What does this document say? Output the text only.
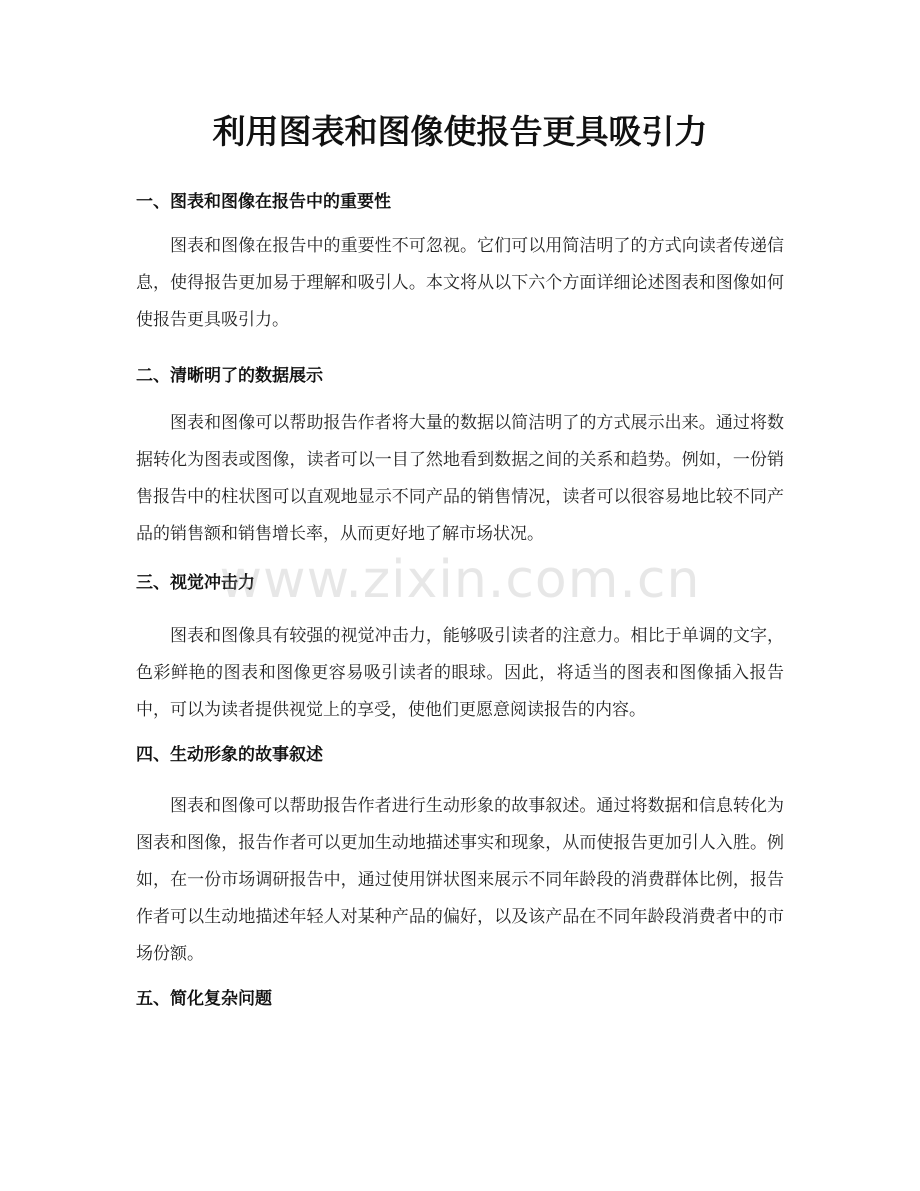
利用图表和图像使报告更具吸引力
一、图表和图像在报告中的重要性

图表和图像在报告中的重要性不可忽视。它们可以用简洁明了的方式向读者传递信息，使得报告更加易于理解和吸引人。本文将从以下六个方面详细论述图表和图像如何使报告更具吸引力。

二、清晰明了的数据展示

图表和图像可以帮助报告作者将大量的数据以简洁明了的方式展示出来。通过将数据转化为图表或图像，读者可以一目了然地看到数据之间的关系和趋势。例如，一份销售报告中的柱状图可以直观地显示不同产品的销售情况，读者可以很容易地比较不同产品的销售额和销售增长率，从而更好地了解市场状况。

三、视觉冲击力

图表和图像具有较强的视觉冲击力，能够吸引读者的注意力。相比于单调的文字，色彩鲜艳的图表和图像更容易吸引读者的眼球。因此，将适当的图表和图像插入报告中，可以为读者提供视觉上的享受，使他们更愿意阅读报告的内容。

四、生动形象的故事叙述

图表和图像可以帮助报告作者进行生动形象的故事叙述。通过将数据和信息转化为图表和图像，报告作者可以更加生动地描述事实和现象，从而使报告更加引人入胜。例如，在一份市场调研报告中，通过使用饼状图来展示不同年龄段的消费群体比例，报告作者可以生动地描述年轻人对某种产品的偏好，以及该产品在不同年龄段消费者中的市场份额。

五、简化复杂问题
www.zixin.com.cn
